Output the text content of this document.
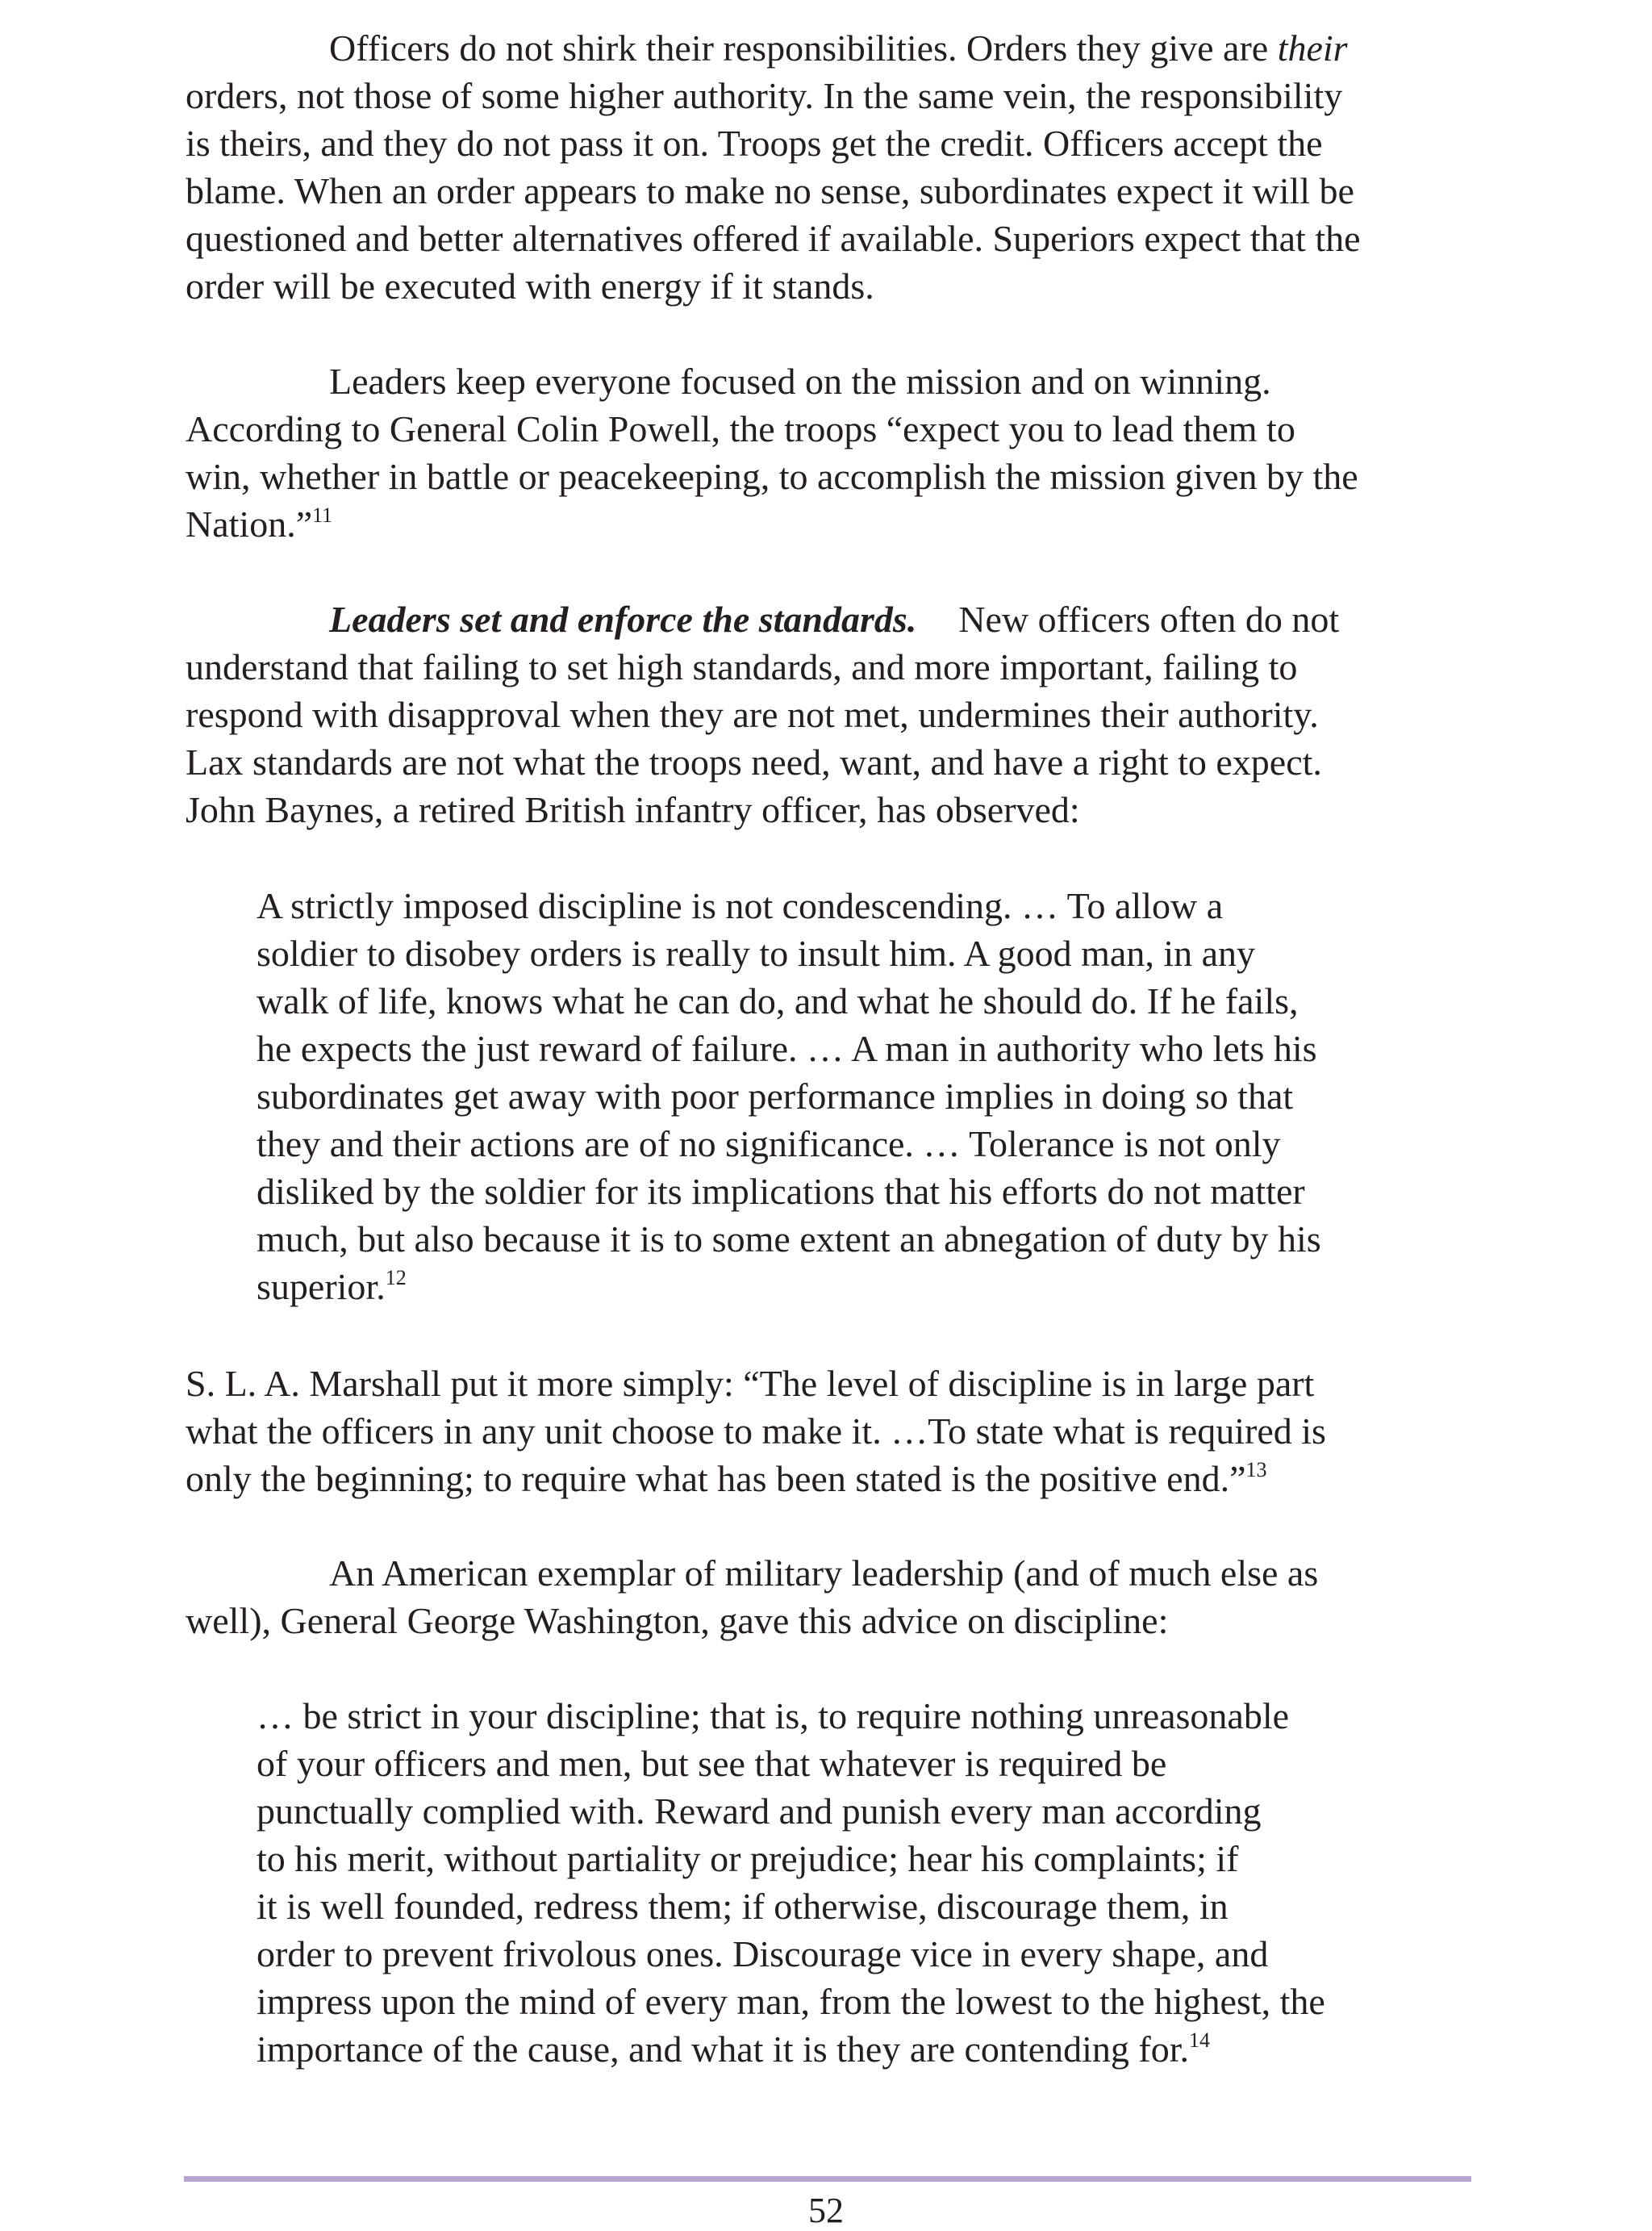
Officers do not shirk their responsibilities. Orders they give are their
orders, not those of some higher authority. In the same vein, the responsibility
is theirs, and they do not pass it on. Troops get the credit. Officers accept the
blame. When an order appears to make no sense, subordinates expect it will be
questioned and better alternatives offered if available. Superiors expect that the
order will be executed with energy if it stands.

Leaders keep everyone focused on the mission and on winning.
According to General Colin Powell, the troops “expect you to lead them to
win, whether in battle or peacekeeping, to accomplish the mission given by the
Nation.”$^{11}$

Leaders set and enforce the standards. New officers often do not
understand that failing to set high standards, and more important, failing to
respond with disapproval when they are not met, undermines their authority.
Lax standards are not what the troops need, want, and have a right to expect.
John Baynes, a retired British infantry officer, has observed:

A strictly imposed discipline is not condescending. … To allow a
soldier to disobey orders is really to insult him. A good man, in any
walk of life, knows what he can do, and what he should do. If he fails,
he expects the just reward of failure. … A man in authority who lets his
subordinates get away with poor performance implies in doing so that
they and their actions are of no significance. … Tolerance is not only
disliked by the soldier for its implications that his efforts do not matter
much, but also because it is to some extent an abnegation of duty by his
superior.$^{12}$

S. L. A. Marshall put it more simply: “The level of discipline is in large part
what the officers in any unit choose to make it. …To state what is required is
only the beginning; to require what has been stated is the positive end.”$^{13}$

An American exemplar of military leadership (and of much else as
well), General George Washington, gave this advice on discipline:

… be strict in your discipline; that is, to require nothing unreasonable
of your officers and men, but see that whatever is required be
punctually complied with. Reward and punish every man according
to his merit, without partiality or prejudice; hear his complaints; if
it is well founded, redress them; if otherwise, discourage them, in
order to prevent frivolous ones. Discourage vice in every shape, and
impress upon the mind of every man, from the lowest to the highest, the
importance of the cause, and what it is they are contending for.$^{14}$
52
